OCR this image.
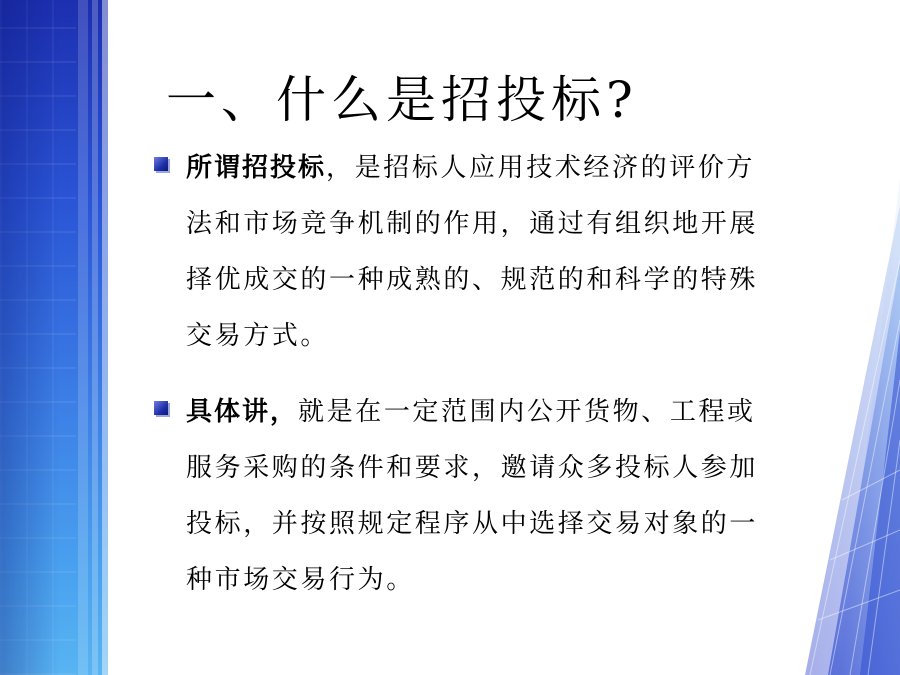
一、什么是招投标?
所谓招投标，是招标人应用技术经济的评价方法和市场竞争机制的作用，通过有组织地开展择优成交的一种成熟的、规范的和科学的特殊交易方式。
具体讲，就是在一定范围内公开货物、工程或服务采购的条件和要求，邀请众多投标人参加投标，并按照规定程序从中选择交易对象的一种市场交易行为。
